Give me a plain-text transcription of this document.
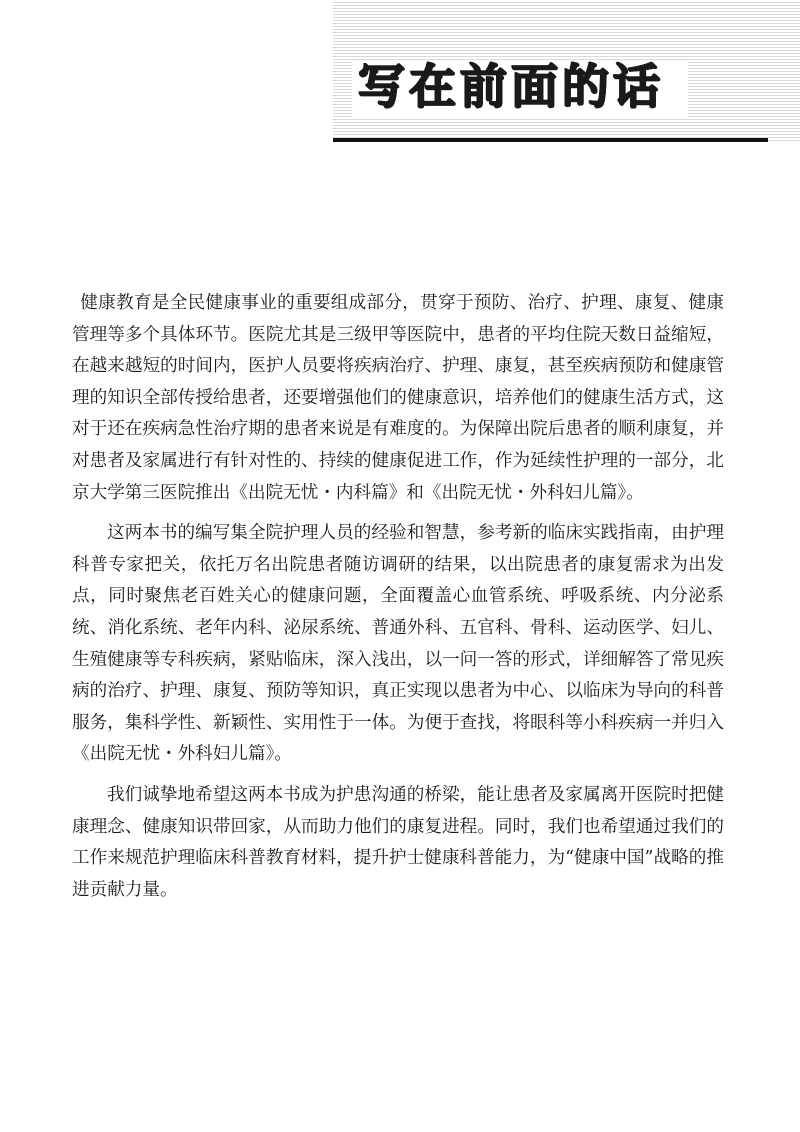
写在前面的话

健康教育是全民健康事业的重要组成部分，贯穿于预防、治疗、护理、康复、健康管理等多个具体环节。医院尤其是三级甲等医院中，患者的平均住院天数日益缩短，在越来越短的时间内，医护人员要将疾病治疗、护理、康复，甚至疾病预防和健康管理的知识全部传授给患者，还要增强他们的健康意识，培养他们的健康生活方式，这对于还在疾病急性治疗期的患者来说是有难度的。为保障出院后患者的顺利康复，并对患者及家属进行有针对性的、持续的健康促进工作，作为延续性护理的一部分，北京大学第三医院推出《出院无忧・内科篇》和《出院无忧・外科妇儿篇》。

这两本书的编写集全院护理人员的经验和智慧，参考新的临床实践指南，由护理科普专家把关，依托万名出院患者随访调研的结果，以出院患者的康复需求为出发点，同时聚焦老百姓关心的健康问题，全面覆盖心血管系统、呼吸系统、内分泌系统、消化系统、老年内科、泌尿系统、普通外科、五官科、骨科、运动医学、妇儿、生殖健康等专科疾病，紧贴临床，深入浅出，以一问一答的形式，详细解答了常见疾病的治疗、护理、康复、预防等知识，真正实现以患者为中心、以临床为导向的科普服务，集科学性、新颖性、实用性于一体。为便于查找，将眼科等小科疾病一并归入《出院无忧・外科妇儿篇》。

我们诚挚地希望这两本书成为护患沟通的桥梁，能让患者及家属离开医院时把健康理念、健康知识带回家，从而助力他们的康复进程。同时，我们也希望通过我们的工作来规范护理临床科普教育材料，提升护士健康科普能力，为“健康中国”战略的推进贡献力量。
